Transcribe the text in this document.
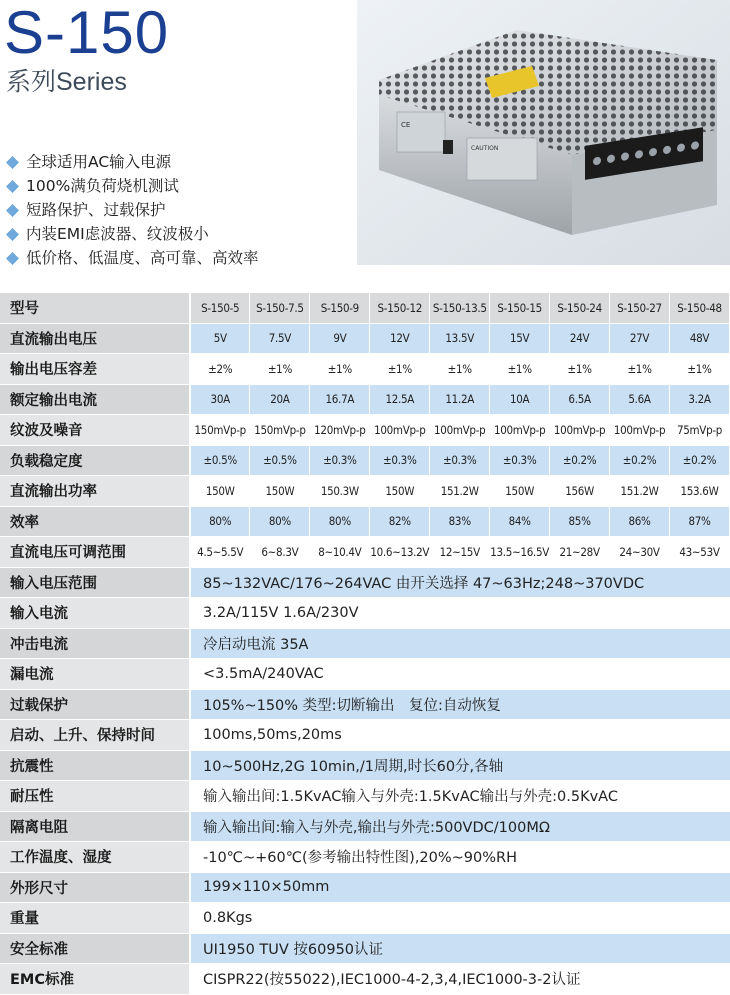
S-150
系列Series
CE
CAUTION
全球适用AC输入电源
100%满负荷烧机测试
短路保护、过载保护
内装EMI虑波器、纹波极小
低价格、低温度、高可靠、高效率
型号	S-150-5	S-150-7.5	S-150-9	S-150-12	S-150-13.5	S-150-15	S-150-24	S-150-27	S-150-48
直流输出电压	5V	7.5V	9V	12V	13.5V	15V	24V	27V	48V
输出电压容差	±2%	±1%	±1%	±1%	±1%	±1%	±1%	±1%	±1%
额定输出电流	30A	20A	16.7A	12.5A	11.2A	10A	6.5A	5.6A	3.2A
纹波及噪音	150mVp-p	150mVp-p	120mVp-p	100mVp-p	100mVp-p	100mVp-p	100mVp-p	100mVp-p	75mVp-p
负载稳定度	±0.5%	±0.5%	±0.3%	±0.3%	±0.3%	±0.3%	±0.2%	±0.2%	±0.2%
直流输出功率	150W	150W	150.3W	150W	151.2W	150W	156W	151.2W	153.6W
效率	80%	80%	80%	82%	83%	84%	85%	86%	87%
直流电压可调范围	4.5~5.5V	6~8.3V	8~10.4V	10.6~13.2V	12~15V	13.5~16.5V	21~28V	24~30V	43~53V
输入电压范围	85~132VAC/176~264VAC 由开关选择 47~63Hz;248~370VDC								
输入电流	3.2A/115V 1.6A/230V								
冲击电流	冷启动电流 35A								
漏电流	<3.5mA/240VAC								
过载保护	105%~150% 类型:切断输出　复位:自动恢复								
启动、上升、保持时间	100ms,50ms,20ms								
抗震性	10~500Hz,2G 10min,/1周期,时长60分,各轴								
耐压性	输入输出间:1.5KvAC输入与外壳:1.5KvAC输出与外壳:0.5KvAC								
隔离电阻	输入输出间:输入与外壳,输出与外壳:500VDC/100MΩ								
工作温度、湿度	-10℃~+60℃(参考输出特性图),20%~90%RH								
外形尺寸	199×110×50mm								
重量	0.8Kgs								
安全标准	UI1950 TUV 按60950认证								
EMC标准	CISPR22(按55022),IEC1000-4-2,3,4,IEC1000-3-2认证								
